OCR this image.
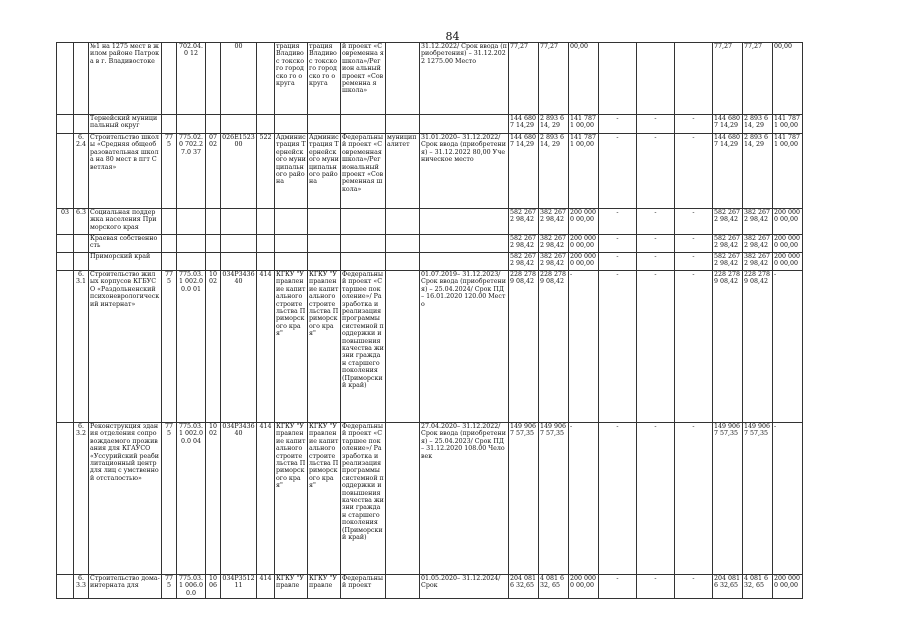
84
		№1 на 1275 мест в жилом районе Патрока в г. Владивостоке		702.04.0 12		00		трация Владивос токского городско го округа	трация Владивос токского городско го округа	й проект «Современна я школа»/Регион альный проект «Современна я школа»		31.12.2022/ Срок ввода (приобретения) – 31.12.2022 1275.00 Место	77,27	77,27	00,00				77,27	77,27	00,00
		Тернейский муниципальный округ											144 680 7 14,29	2 893 614, 29	141 787 1 00,00	-	-	-	144 680 7 14,29	2 893 614, 29	141 787 1 00,00
	6.2.4	Строительство школы «Средняя общеобразовательная школа на 80 мест в пгт Светлая»	775	775.02.0 702.27.0 37	0702	026Е1523 00	522	Администрация Тернейского муниципального района	Администрация Тернейского муниципального района	Федеральный проект «Современная школа»/Региональный проект «Современная школа»	муниципалитет	31.01.2020– 31.12.2022/ Срок ввода (приобретения) – 31.12.2022 80,00 Ученическое место	144 680 7 14,29	2 893 614, 29	141 787 1 00,00	-	-	-	144 680 7 14,29	2 893 614, 29	141 787 1 00,00
03	6.3	Социальная поддержка населения Приморского края											582 267 2 98,42	382 267 2 98,42	200 000 0 00,00	-	-	-	582 267 2 98,42	382 267 2 98,42	200 000 0 00,00
		Краевая собственность											582 267 2 98,42	382 267 2 98,42	200 000 0 00,00	-	-	-	582 267 2 98,42	382 267 2 98,42	200 000 0 00,00
		Приморский край											582 267 2 98,42	382 267 2 98,42	200 000 0 00,00	-	-	-	582 267 2 98,42	382 267 2 98,42	200 000 0 00,00
	6.3.1	Строительство жилых корпусов КГБУСО «Раздольненский психоневрологический интернат»	775	775.03.1 002.00.0 01	1002	034Р3436 40	414	КГКУ "Управление капитального строительства Приморского края"	КГКУ "Управление капитального строительства Приморского края"	Федеральный проект «Старшее поколение»/ Разработка и реализация программы системной поддержки и повышения качества жизни граждан старшего поколения (Приморский край)		01.07.2019– 31.12.2023/ Срок ввода (приобретения) – 25.04.2024/ Срок ПД – 16.01.2020 120.00 Место	228 278 9 08,42	228 278 9 08,42	-	-	-	-	228 278 9 08,42	228 278 9 08,42	-
	6.3.2	Реконструкция здания отделения сопровождаемого проживания для КГАУСО «Уссурийский реабилитационный центр для лиц с умственной отсталостью»	775	775.03.1 002.00.0 04	1002	034Р3436 40	414	КГКУ "Управление капитального строительства Приморского края"	КГКУ "Управление капитального строительства Приморского края"	Федеральный проект «Старшее поколение»/ Разработка и реализация программы системной поддержки и повышения качества жизни граждан старшего поколения (Приморский край)		27.04.2020– 31.12.2022/ Срок ввода (приобретения) – 25.04.2023/ Срок ПД – 31.12.2020 108.00 Человек	149 906 7 57,35	149 906 7 57,35	-	-	-	-	149 906 7 57,35	149 906 7 57,35	-
	6.3.3	Строительство дома-интерната для	775	775.03.1 006.00.0	1006	034Р3512 11	414	КГКУ "Управле	КГКУ "Управле	Федеральный проект		01.05.2020– 31.12.2024/ Срок	204 081 6 32,65	4 081 632, 65	200 000 0 00,00	-	-	-	204 081 6 32,65	4 081 632, 65	200 000 0 00,00
